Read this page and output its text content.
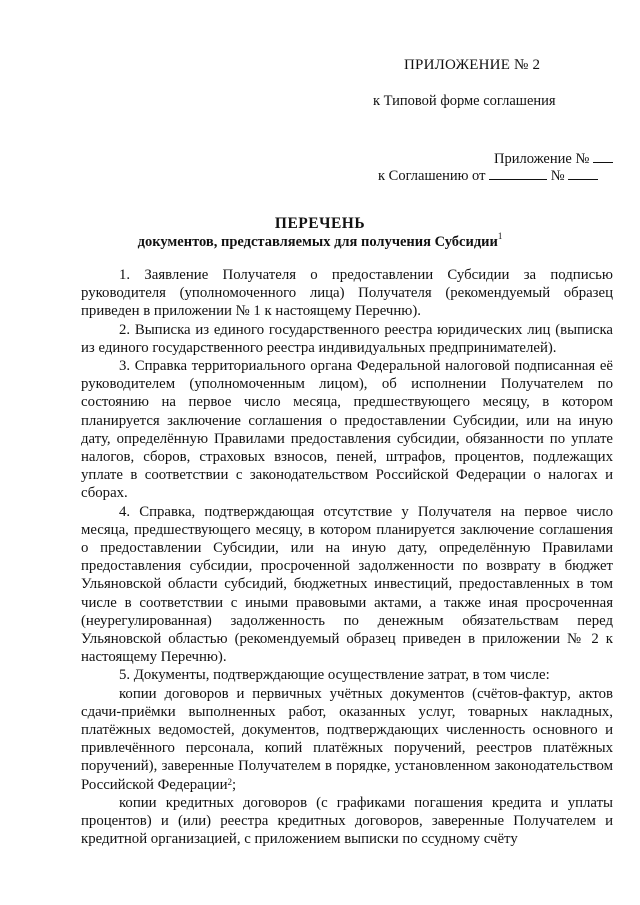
ПРИЛОЖЕНИЕ № 2
к Типовой форме соглашения
Приложение №
к Соглашению от	№
ПЕРЕЧЕНЬ
документов, представляемых для получения Субсидии$^1$

1. Заявление Получателя о предоставлении Субсидии за подписью руководителя (уполномоченного лица) Получателя (рекомендуемый образец приведен в приложении № 1 к настоящему Перечню).

2. Выписка из единого государственного реестра юридических лиц (выписка из единого государственного реестра индивидуальных предпринимателей).

3. Справка территориального органа Федеральной налоговой подписанная её руководителем (уполномоченным лицом), об исполнении Получателем по состоянию на первое число месяца, предшествующего месяцу, в котором планируется заключение соглашения о предоставлении Субсидии, или на иную дату, определённую Правилами предоставления субсидии, обязанности по уплате налогов, сборов, страховых взносов, пеней, штрафов, процентов, подлежащих уплате в соответствии с законодательством Российской Федерации о налогах и сборах.

4. Справка, подтверждающая отсутствие у Получателя на первое число месяца, предшествующего месяцу, в котором планируется заключение соглашения о предоставлении Субсидии, или на иную дату, определённую Правилами предоставления субсидии, просроченной задолженности по возврату в бюджет Ульяновской области субсидий, бюджетных инвестиций, предоставленных в том числе в соответствии с иными правовыми актами, а также иная просроченная (неурегулированная) задолженность по денежным обязательствам перед Ульяновской областью (рекомендуемый образец приведен в приложении № 2 к настоящему Перечню).

5. Документы, подтверждающие осуществление затрат, в том числе:

копии договоров и первичных учётных документов (счётов-фактур, актов сдачи-приёмки выполненных работ, оказанных услуг, товарных накладных, платёжных ведомостей, документов, подтверждающих численность основного и привлечённого персонала, копий платёжных поручений, реестров платёжных поручений), заверенные Получателем в порядке, установленном законодательством Российской Федерации$^2$;

копии кредитных договоров (с графиками погашения кредита и уплаты процентов) и (или) реестра кредитных договоров, заверенные Получателем и кредитной организацией, с приложением выписки по ссудному счёту
